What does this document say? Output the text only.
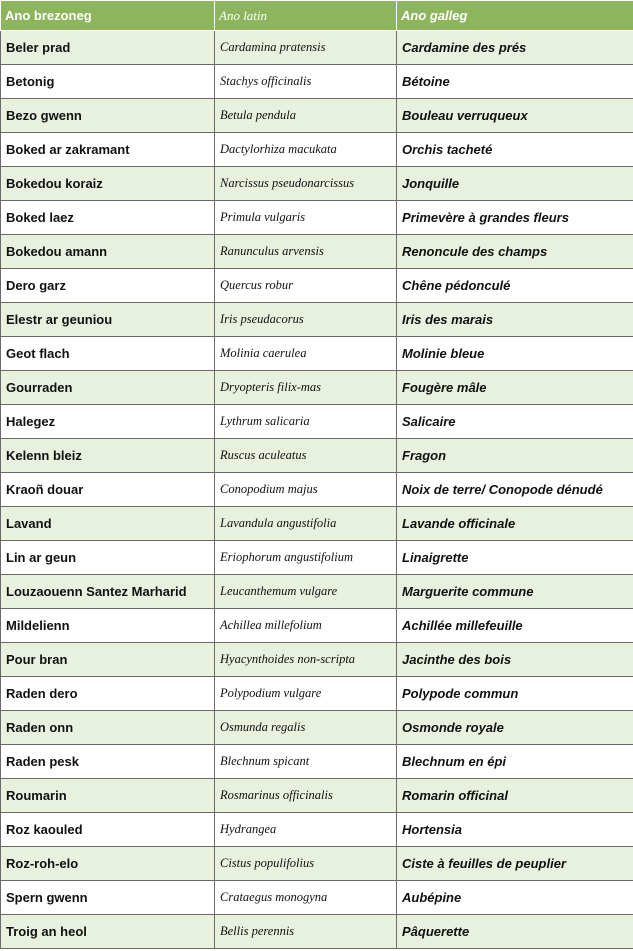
Ano brezoneg	Ano latin	Ano galleg
Beler prad	Cardamina pratensis	Cardamine des prés
Betonig	Stachys officinalis	Bétoine
Bezo gwenn	Betula pendula	Bouleau verruqueux
Boked ar zakramant	Dactylorhiza macukata	Orchis tacheté
Bokedou koraiz	Narcissus pseudonarcissus	Jonquille
Boked laez	Primula vulgaris	Primevère à grandes fleurs
Bokedou amann	Ranunculus arvensis	Renoncule des champs
Dero garz	Quercus robur	Chêne pédonculé
Elestr ar geuniou	Iris pseudacorus	Iris des marais
Geot flach	Molinia caerulea	Molinie bleue
Gourraden	Dryopteris filix-mas	Fougère mâle
Halegez	Lythrum salicaria	Salicaire
Kelenn bleiz	Ruscus aculeatus	Fragon
Kraoñ douar	Conopodium majus	Noix de terre/ Conopode dénudé
Lavand	Lavandula angustifolia	Lavande officinale
Lin ar geun	Eriophorum angustifolium	Linaigrette
Louzaouenn Santez Marharid	Leucanthemum vulgare	Marguerite commune
Mildelienn	Achillea millefolium	Achillée millefeuille
Pour bran	Hyacynthoides non-scripta	Jacinthe des bois
Raden dero	Polypodium vulgare	Polypode commun
Raden onn	Osmunda regalis	Osmonde royale
Raden pesk	Blechnum spicant	Blechnum en épi
Roumarin	Rosmarinus officinalis	Romarin officinal
Roz kaouled	Hydrangea	Hortensia
Roz-roh-elo	Cistus populifolius	Ciste à feuilles de peuplier
Spern gwenn	Crataegus monogyna	Aubépine
Troig an heol	Bellis perennis	Pâquerette
